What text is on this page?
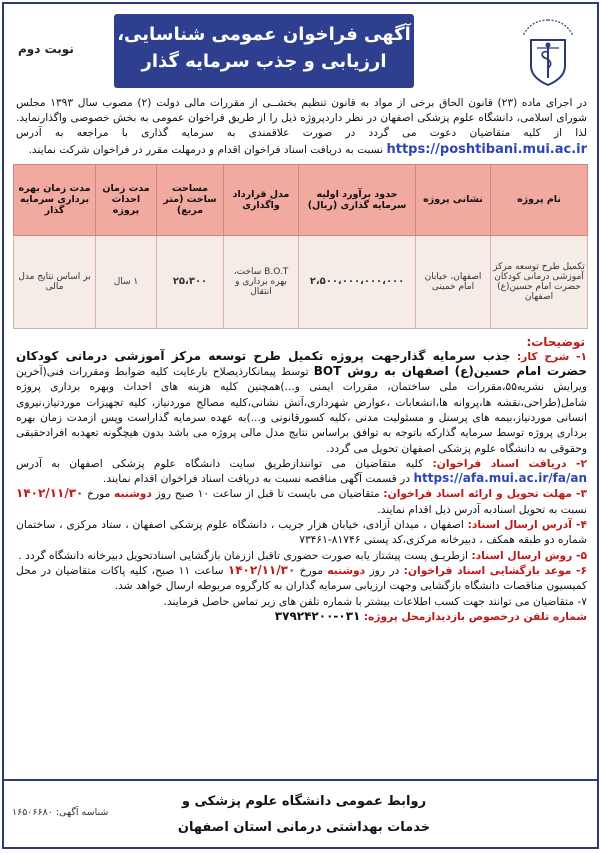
آگهی فراخوان عمومی شناسایی،
ارزیابی و جذب سرمایه گذار
نوبت دوم
در اجرای ماده (۲۳) قانون الحاق برخی از مواد به قانون تنظیم بخشــی از مقررات مالی دولت (۲) مصوب سال ۱۳۹۳ مجلس شورای اسلامی، دانشگاه علوم پزشکی اصفهان در نظر داردپروژه ذیل را از طریق فراخوان عمومی به بخش خصوصی واگذارنماید. لذا از کلیه متقاضیان دعوت می گردد در صورت علاقمندی به سرمایه گذاری با مراجعه به آدرس https://poshtibani.mui.ac.ir نسبت به دریافت اسناد فراخوان اقدام و درمهلت مقرر در فراخوان شرکت نمایند.
نام پروژه	نشانی پروژه	حدود برآورد اولیه سرمایه گذاری (ریال)	مدل قرارداد واگذاری	مساحت ساخت (متر مربع)	مدت زمان احداث پروژه	مدت زمان بهره برداری سرمایه گذار
تکمیل طرح توسعه مرکز آموزشی درمانی کودکان حضرت امام حسین(ع) اصفهان	اصفهان، خیابان امام خمینی	۲،۵۰۰،۰۰۰،۰۰۰،۰۰۰	B.O.T ساخت، بهره برداری و انتقال	۲۵،۳۰۰	۱ سال	بر اساس نتایج مدل مالی
توضیحات:

۱- شرح کار: جذب سرمایه گذارجهت پروژه تکمیل طرح توسعه مرکز آموزشی درمانی کودکان حضرت امام حسین(ع) اصفهان به روش BOT توسط پیمانکارذیصلاح بارعایت کلیه ضوابط ومقررات فنی(آخرین ویرایش نشریه۵۵،مقررات ملی ساختمان، مقررات ایمنی و...)همچنین کلیه هزینه های احداث وبهره برداری پروژه شامل(طراحی،نقشه ها،پروانه ها،انشعابات ،عوارض شهرداری،آتش نشانی،کلیه مصالح موردنیاز، کلیه تجهیزات موردنیاز،نیروی انسانی موردنیاز،بیمه های پرسنل و مسئولیت مدنی ،کلیه کسورقانونی و...)به عهده سرمایه گذاراست وپس ازمدت زمان بهره برداری پروژه توسط سرمایه گذارکه باتوجه به توافق براساس نتایج مدل مالی پروژه می باشد بدون هیچگونه تعهدبه افرادحقیقی وحقوقی به دانشگاه علوم پزشکی اصفهان تحویل می گردد.

۲- دریافت اسناد فراخوان: کلیه متقاضیان می توانندازطریق سایت دانشگاه علوم پزشکی اصفهان به آدرس https://afa.mui.ac.ir/fa/an در قسمت آگهی مناقصه نسبت به دریافت اسناد فراخوان اقدام نمایند.

۳- مهلت تحویل و ارائه اسناد فراخوان: متقاضیان می بایست تا قبل از ساعت ۱۰ صبح روز دوشنبه مورخ ۱۴۰۲/۱۱/۳۰ نسبت به تحویل اسنادبه آدرس ذیل اقدام نمایند.

۴- آدرس ارسال اسناد: اصفهان ، میدان آزادی، خیابان هزار جریب ، دانشگاه علوم پزشکی اصفهان ، ستاد مرکزی ، ساختمان شماره دو طبقه همکف ، دبیرخانه مرکزی،کد پستی ۸۱۷۴۶-۷۳۴۶۱

۵- روش ارسال اسناد: ازطریـق پست پیشتاز یابه صورت حضوری تاقبل اززمان بازگشایی اسنادتحویل دبیرخانه دانشگاه گردد .

۶- موعد بازگشایی اسناد فراخوان: در روز دوشنبه مورخ ۱۴۰۲/۱۱/۳۰ ساعت ۱۱ صبح، کلیه پاکات متقاضیان در محل کمیسیون مناقصات دانشگاه بازگشایی وجهت ارزیابی سرمایه گذاران به کارگروه مربوطه ارسال خواهد شد.

۷- متقاضیان می توانند جهت کسب اطلاعات بیشتر با شماره تلفن های زیر تماس حاصل فرمایند.

شماره تلفن درخصوص بازدیدازمحل پروژه: ۰۳۱-۳۷۹۲۴۲۰۰

روابط عمومی دانشگاه علوم پزشکی و
خدمات بهداشتی درمانی استان اصفهان
شناسه آگهی: ۱۶۵۰۶۶۸۰
